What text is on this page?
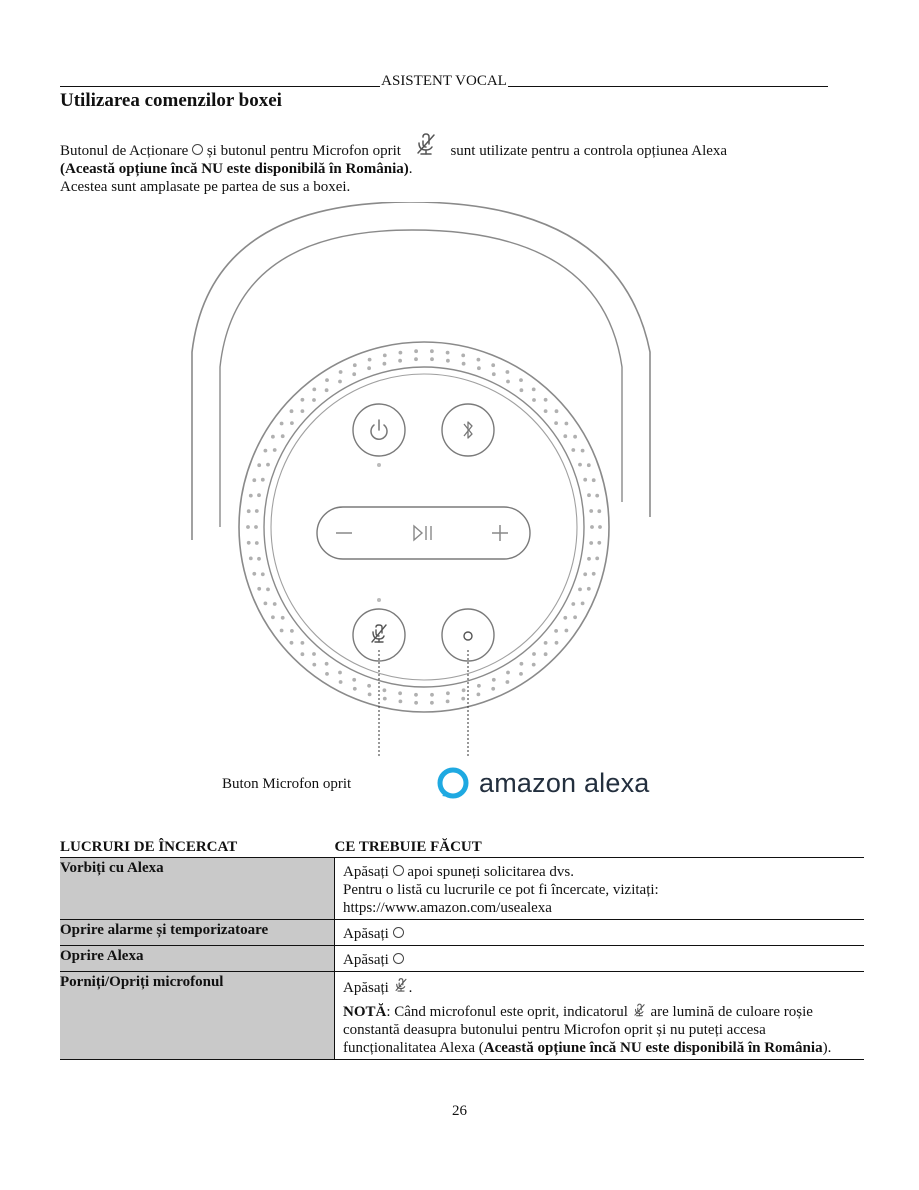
ASISTENT VOCAL
Utilizarea comenzilor boxei

Butonul de Acționare și butonul pentru Microfon oprit	sunt utilizate pentru a controla opțiunea Alexa

(Această opțiune încă NU este disponibilă în România).

Acestea sunt amplasate pe partea de sus a boxei.

Buton Microfon oprit	amazon alexa
LUCRURI DE ÎNCERCAT	CE TREBUIE FĂCUT
Vorbiți cu Alexa	Apăsați apoi spuneți solicitarea dvs.
Pentru o listă cu lucrurile ce pot fi încercate, vizitați:
https://www.amazon.com/usealexa
Oprire alarme și temporizatoare	Apăsați
Oprire Alexa	Apăsați
Porniți/Opriți microfonul	Apăsați .
NOTĂ: Când microfonul este oprit, indicatorul are lumină de culoare roșie constantă deasupra butonului pentru Microfon oprit și nu puteți accesa funcționalitatea Alexa (Această opțiune încă NU este disponibilă în România).
26
